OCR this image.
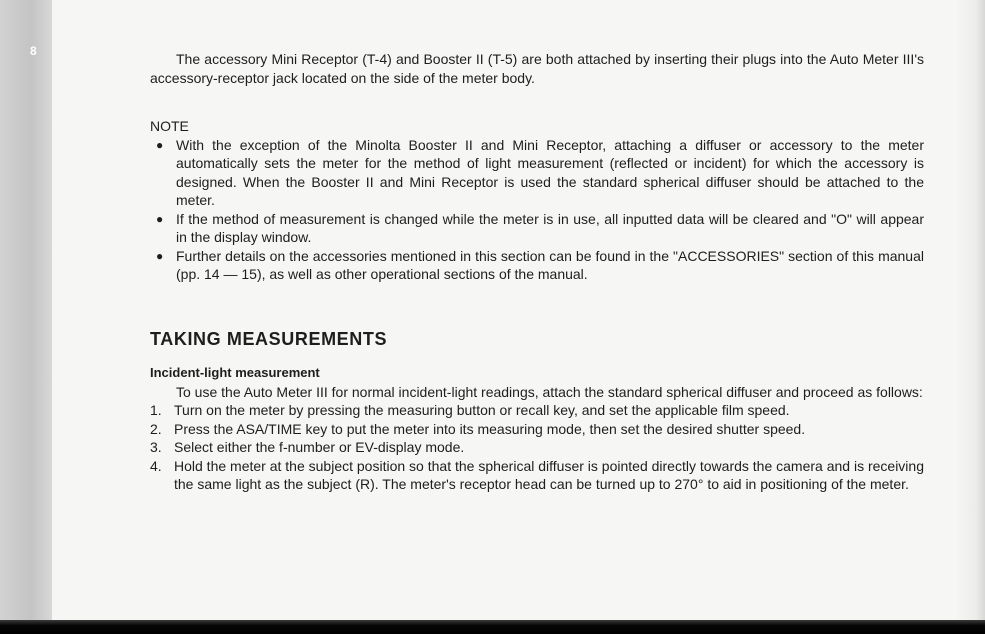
8	The accessory Mini Receptor (T-4) and Booster II (T-5) are both attached by inserting their plugs into the Auto Meter III's accessory-receptor jack located on the side of the meter body.

NOTE

● With the exception of the Minolta Booster II and Mini Receptor, attaching a diffuser or accessory to the meter automatically sets the meter for the method of light measurement (reflected or incident) for which the accessory is designed. When the Booster II and Mini Receptor is used the standard spherical diffuser should be attached to the meter.
● If the method of measurement is changed while the meter is in use, all inputted data will be cleared and "O" will appear in the display window.
● Further details on the accessories mentioned in this section can be found in the "ACCESSORIES" section of this manual (pp. 14 — 15), as well as other operational sections of the manual.
TAKING MEASUREMENTS

Incident-light measurement

To use the Auto Meter III for normal incident-light readings, attach the standard spherical diffuser and proceed as follows:

1. Turn on the meter by pressing the measuring button or recall key, and set the applicable film speed.
2. Press the ASA/TIME key to put the meter into its measuring mode, then set the desired shutter speed.
3. Select either the f-number or EV-display mode.
4. Hold the meter at the subject position so that the spherical diffuser is pointed directly towards the camera and is receiving the same light as the subject (R). The meter's receptor head can be turned up to 270° to aid in positioning of the meter.
